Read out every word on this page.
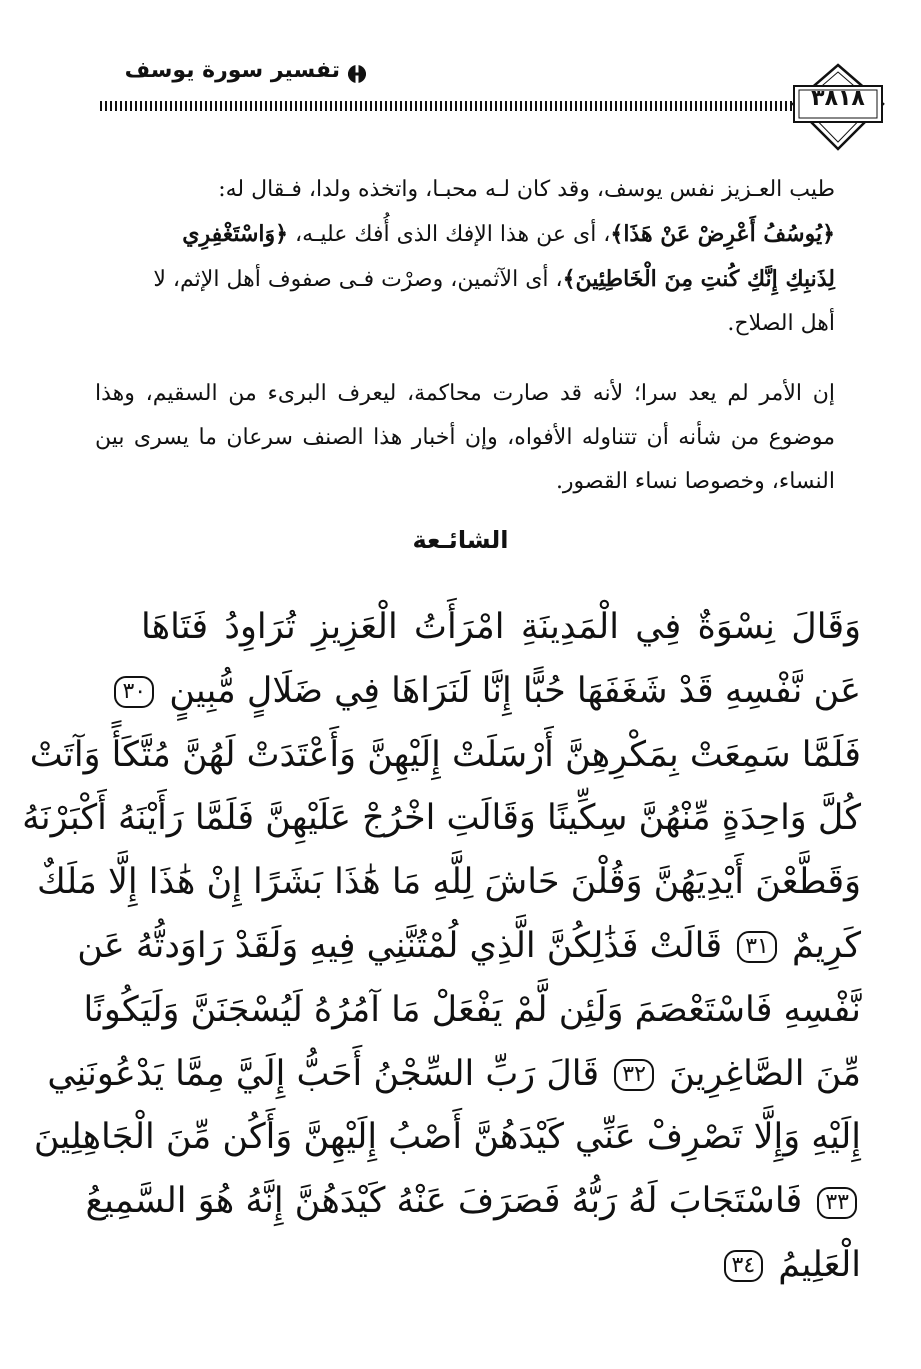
تفسير سورة يوسف
٣٨١٨
طيب العـزيز نفس يوسف، وقد كان لـه محبـا، واتخذه ولدا، فـقال له:
﴿يُوسُفُ أَعْرِضْ عَنْ هَذَا﴾، أى عن هذا الإفك الذى أُفك عليـه، ﴿وَاسْتَغْفِرِي
لِذَنبِكِ إِنَّكِ كُنتِ مِنَ الْخَاطِئِينَ﴾، أى الآثمين، وصرْت فـى صفوف أهل الإثم، لا
أهل الصلاح.
إن الأمر لم يعد سرا؛ لأنه قد صارت محاكمة، ليعرف البرىء من السقيم، وهذا موضوع من شأنه أن تتناوله الأفواه، وإن أخبار هذا الصنف سرعان ما يسرى بين النساء، وخصوصا نساء القصور.
الشائـعة
وَقَالَ نِسْوَةٌ فِي الْمَدِينَةِ امْرَأَتُ الْعَزِيزِ تُرَاوِدُ فَتَاهَا
عَن نَّفْسِهِ قَدْ شَغَفَهَا حُبًّا إِنَّا لَنَرَاهَا فِي ضَلَالٍ مُّبِينٍ ٣٠
فَلَمَّا سَمِعَتْ بِمَكْرِهِنَّ أَرْسَلَتْ إِلَيْهِنَّ وَأَعْتَدَتْ لَهُنَّ مُتَّكَأً وَآتَتْ
كُلَّ وَاحِدَةٍ مِّنْهُنَّ سِكِّينًا وَقَالَتِ اخْرُجْ عَلَيْهِنَّ فَلَمَّا رَأَيْنَهُ أَكْبَرْنَهُ
وَقَطَّعْنَ أَيْدِيَهُنَّ وَقُلْنَ حَاشَ لِلَّهِ مَا هَٰذَا بَشَرًا إِنْ هَٰذَا إِلَّا مَلَكٌ
كَرِيمٌ ٣١ قَالَتْ فَذَٰلِكُنَّ الَّذِي لُمْتُنَّنِي فِيهِ وَلَقَدْ رَاوَدتُّهُ عَن
نَّفْسِهِ فَاسْتَعْصَمَ وَلَئِن لَّمْ يَفْعَلْ مَا آمُرُهُ لَيُسْجَنَنَّ وَلَيَكُونًا
مِّنَ الصَّاغِرِينَ ٣٢ قَالَ رَبِّ السِّجْنُ أَحَبُّ إِلَيَّ مِمَّا يَدْعُونَنِي
إِلَيْهِ وَإِلَّا تَصْرِفْ عَنِّي كَيْدَهُنَّ أَصْبُ إِلَيْهِنَّ وَأَكُن مِّنَ الْجَاهِلِينَ
٣٣ فَاسْتَجَابَ لَهُ رَبُّهُ فَصَرَفَ عَنْهُ كَيْدَهُنَّ إِنَّهُ هُوَ السَّمِيعُ
الْعَلِيمُ ٣٤
